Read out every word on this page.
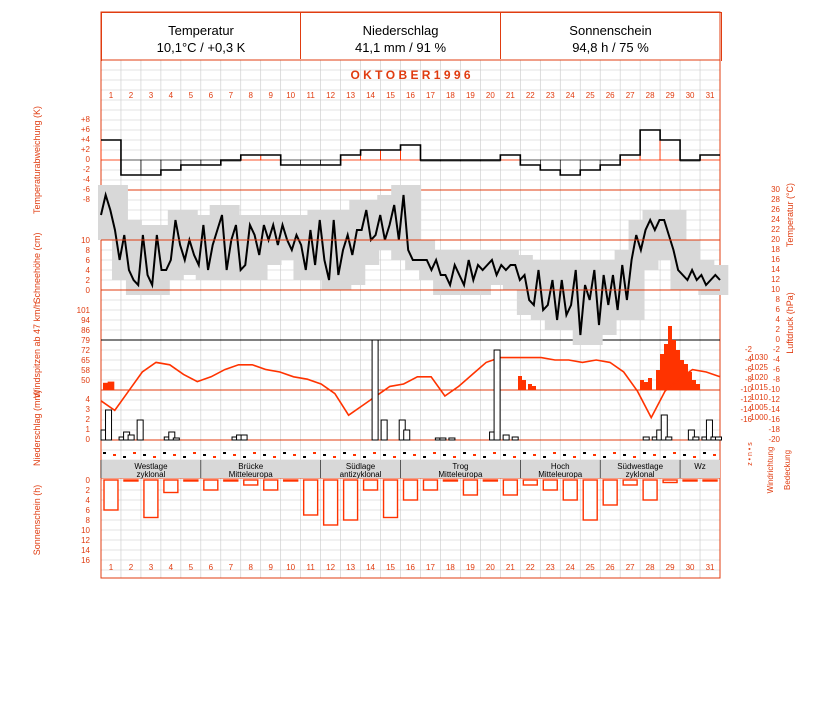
Temperatur
10,1°C / +0,3 K
Niederschlag
41,1 mm / 91 %
Sonnenschein
94,8 h / 75 %
O K T O B E R 1 9 9 6
1
1
2
2
3
3
4
4
5
5
6
6
7
7
8
8
9
9
10
10
11
11
12
12
13
13
14
14
15
15
16
16
17
17
18
18
19
19
20
20
21
21
22
22
23
23
24
24
25
25
26
26
27
27
28
28
29
29
30
30
31
31
+8
+6
+4
+2
0
-2
-4
-6
-8
Temperaturabweichung (K)	30
28
26
24
22
20
18
16
14
12
10
8
6
4
2
0
-2
-4
-6
-8
-10
-12
-14
-16
-18
-20
Temperatur (°C)
10
8
6
4
2
0
Schneehöhe (cm)
101
94
86
79
72
65
58
50
Windspitzen ab 47 km/h	1030
1025
1020
1015
1010
1005
1000
-2
-4
-6
-8
-10
-12
-14
-16
Luftdruck (hPa)
4
3
2
1
0
Niederschlag (mm)
Westlage
zyklonal
Brücke
Mitteleuropa
Südlage
antizyklonal
Trog
Mitteleuropa
Hoch
Mitteleuropa
Südwestlage
zyklonal
Wz	Windrichtung Bedeckung
z • n • s
0
2
4
6
8
10
12
14
16
Sonnenschein (h)
